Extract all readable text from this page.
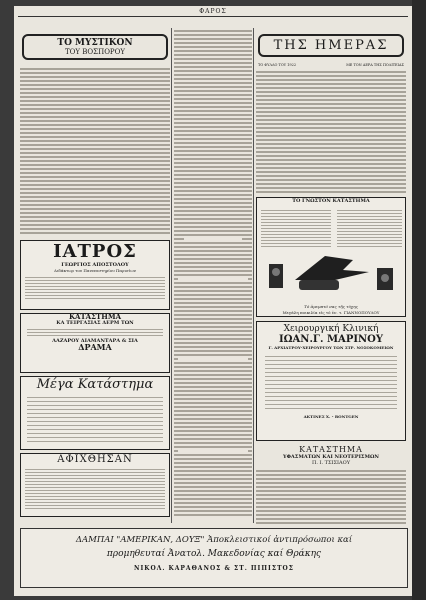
ΦΑΡΟΣ
ΤΟ ΜΥΣΤΙΚΟΝ
ΤΟΥ ΒΟΣΠΟΡΟΥ
ΙΑΤΡΟΣ
ΓΕΩΡΓΙΟΣ ΑΠΟΣΤΟΛΟΥ
Διδάκτωρ του Πανεπιστημίου Παρισίων
ΚΑΤΑΣΤΗΜΑ
ΚΑ ΤΕΙΡΓΑΣΙΑΣ ΔΕΡΜ ΤΩΝ
ΛΑΖΑΡΟΥ ΔΙΑΜΑΝΤΑΡΑ & ΣΙΑ
ΔΡΑΜΑ
Μέγα Κατάστημα
ΑΦΙΧΘΗΣΑΝ
ΤΗΣ ΗΜΕΡΑΣ
ΤΟ ΦΥΛΛΟ ΤΟΥ 1922	ΜΕ ΤΟΝ ΑΕΡΑ ΤΗΣ ΠΟΛΙΤΕΙΑΣ
ΤΟ ΓΝΩΣΤΟΝ ΚΑΤΑΣΤΗΜΑ
Τό ἀμεμπτό σας τῆς τύχης
Μεγάλη ποικιλία εἰς τό ἐν. τ. ΓΙΑΝΝΟΠΟΥΛΟΥ
Χειρουργική Κλινική
ΙΩΑΝ.Γ. ΜΑΡΙΝΟΥ
Γ. ΑΡΧΙΑΤΡΟΥ-ΧΕΙΡΟΥΡΓΟΥ ΤΩΝ ΣΤΡ. ΝΟΣΟΚΟΜΕΙΩΝ
ΑΚΤΙΝΕΣ Χ. - RONTGEN
ΚΑΤΑΣΤΗΜΑ
ΥΦΑΣΜΑΤΩΝ ΚΑΙ ΝΕΟΤΕΡΙΣΜΩΝ
Π. Ι. ΤΣΙΣΙΑΟΥ
ΔΑΜΠΑΙ "ΑΜΕΡΙΚΑΝ, ΔΟΥΞ" Ἀποκλειστικοί ἀντιπρόσωποι καί
προμηθευταί Ἀνατολ. Μακεδονίας καί Θράκης
ΝΙΚΟΛ. ΚΑΡΑΘΑΝΟΣ & ΣΤ. ΠΙΠΙΣΤΟΣ
